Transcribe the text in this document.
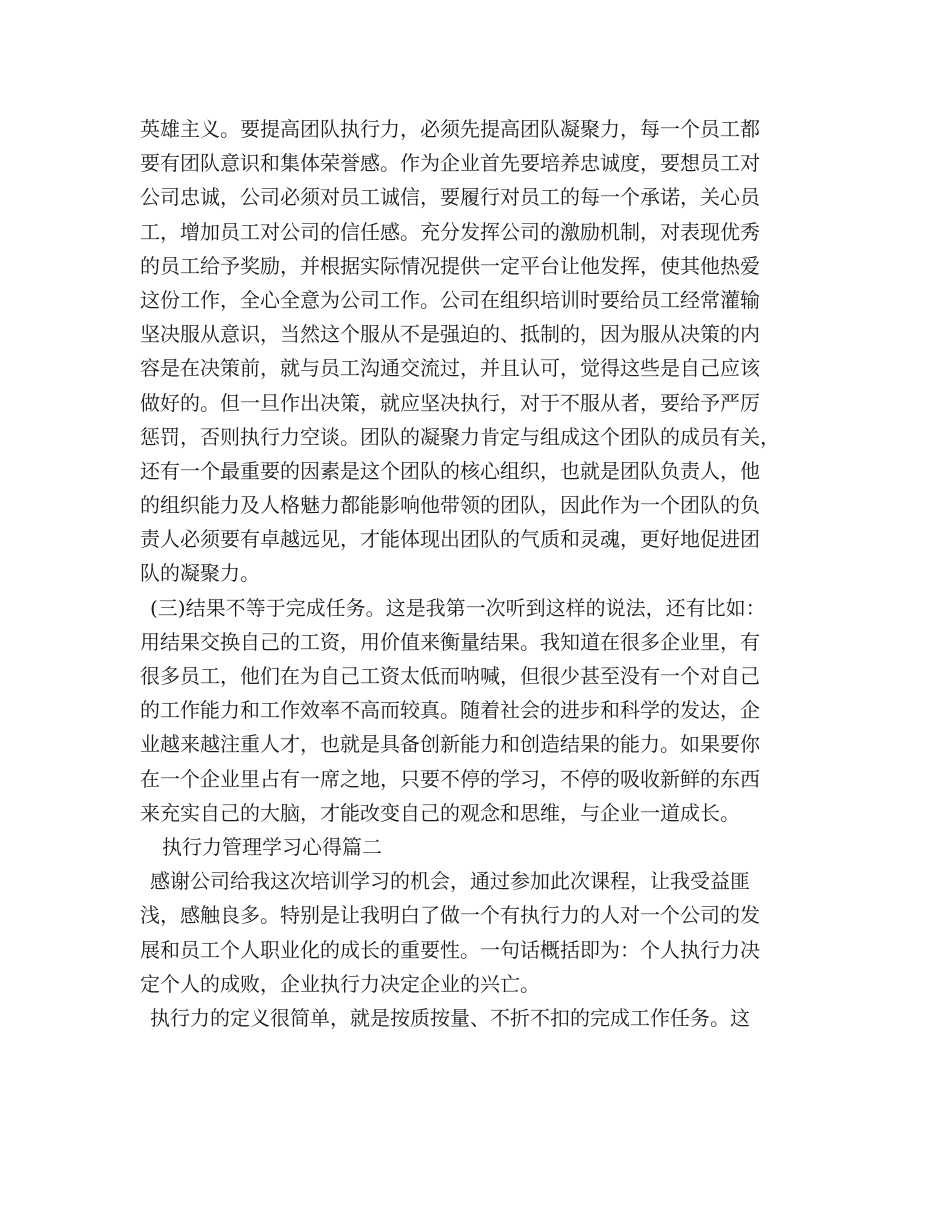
英雄主义。要提高团队执行力，必须先提高团队凝聚力，每一个员工都
要有团队意识和集体荣誉感。作为企业首先要培养忠诚度，要想员工对
公司忠诚，公司必须对员工诚信，要履行对员工的每一个承诺，关心员
工，增加员工对公司的信任感。充分发挥公司的激励机制，对表现优秀
的员工给予奖励，并根据实际情况提供一定平台让他发挥，使其他热爱
这份工作，全心全意为公司工作。公司在组织培训时要给员工经常灌输
坚决服从意识，当然这个服从不是强迫的、抵制的，因为服从决策的内
容是在决策前，就与员工沟通交流过，并且认可，觉得这些是自己应该
做好的。但一旦作出决策，就应坚决执行，对于不服从者，要给予严厉
惩罚，否则执行力空谈。团队的凝聚力肯定与组成这个团队的成员有关，
还有一个最重要的因素是这个团队的核心组织，也就是团队负责人，他
的组织能力及人格魅力都能影响他带领的团队，因此作为一个团队的负
责人必须要有卓越远见，才能体现出团队的气质和灵魂，更好地促进团
队的凝聚力。
(三)结果不等于完成任务。这是我第一次听到这样的说法，还有比如：
用结果交换自己的工资，用价值来衡量结果。我知道在很多企业里，有
很多员工，他们在为自己工资太低而呐喊，但很少甚至没有一个对自己
的工作能力和工作效率不高而较真。随着社会的进步和科学的发达，企
业越来越注重人才，也就是具备创新能力和创造结果的能力。如果要你
在一个企业里占有一席之地，只要不停的学习，不停的吸收新鲜的东西
来充实自己的大脑，才能改变自己的观念和思维，与企业一道成长。
执行力管理学习心得篇二
感谢公司给我这次培训学习的机会，通过参加此次课程，让我受益匪
浅，感触良多。特别是让我明白了做一个有执行力的人对一个公司的发
展和员工个人职业化的成长的重要性。一句话概括即为：个人执行力决
定个人的成败，企业执行力决定企业的兴亡。
执行力的定义很简单，就是按质按量、不折不扣的完成工作任务。这
